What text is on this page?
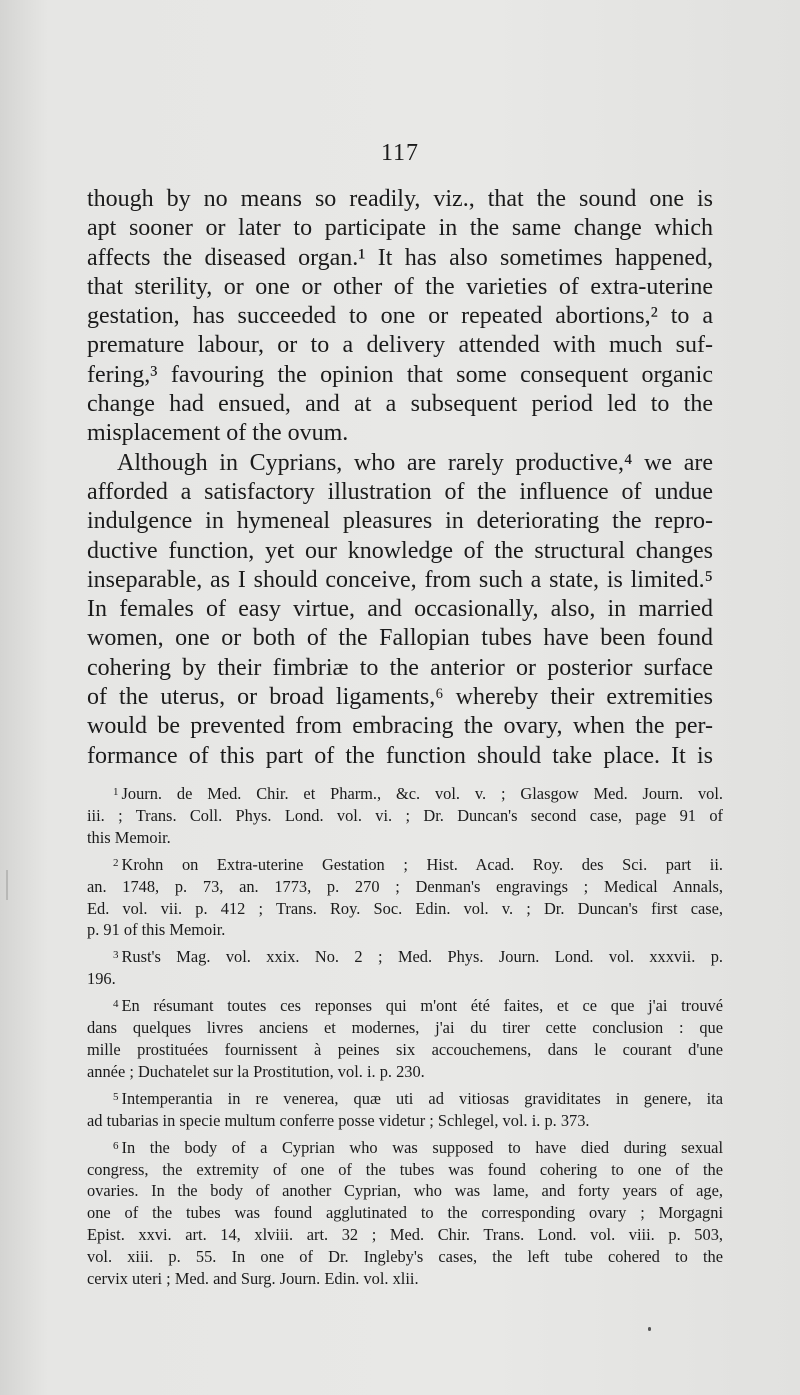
117
though by no means so readily, viz., that the sound one is
apt sooner or later to participate in the same change which
affects the diseased organ.¹ It has also sometimes happened,
that sterility, or one or other of the varieties of extra-uterine
gestation, has succeeded to one or repeated abortions,² to a
premature labour, or to a delivery attended with much suf-
fering,³ favouring the opinion that some consequent organic
change had ensued, and at a subsequent period led to the
misplacement of the ovum.
Although in Cyprians, who are rarely productive,⁴ we are
afforded a satisfactory illustration of the influence of undue
indulgence in hymeneal pleasures in deteriorating the repro-
ductive function, yet our knowledge of the structural changes
inseparable, as I should conceive, from such a state, is limited.⁵
In females of easy virtue, and occasionally, also, in married
women, one or both of the Fallopian tubes have been found
cohering by their fimbriæ to the anterior or posterior surface
of the uterus, or broad ligaments,⁶ whereby their extremities
would be prevented from embracing the ovary, when the per-
formance of this part of the function should take place. It is
$^1$ Journ. de Med. Chir. et Pharm., &c. vol. v. ; Glasgow Med. Journ. vol.
iii. ; Trans. Coll. Phys. Lond. vol. vi. ; Dr. Duncan's second case, page 91 of
this Memoir.
$^2$ Krohn on Extra-uterine Gestation ; Hist. Acad. Roy. des Sci. part ii.
an. 1748, p. 73, an. 1773, p. 270 ; Denman's engravings ; Medical Annals,
Ed. vol. vii. p. 412 ; Trans. Roy. Soc. Edin. vol. v. ; Dr. Duncan's first case,
p. 91 of this Memoir.
$^3$ Rust's Mag. vol. xxix. No. 2 ; Med. Phys. Journ. Lond. vol. xxxvii. p.
196.
$^4$ En résumant toutes ces reponses qui m'ont été faites, et ce que j'ai trouvé
dans quelques livres anciens et modernes, j'ai du tirer cette conclusion : que
mille prostituées fournissent à peines six accouchemens, dans le courant d'une
année ; Duchatelet sur la Prostitution, vol. i. p. 230.
$^5$ Intemperantia in re venerea, quæ uti ad vitiosas graviditates in genere, ita
ad tubarias in specie multum conferre posse videtur ; Schlegel, vol. i. p. 373.
$^6$ In the body of a Cyprian who was supposed to have died during sexual
congress, the extremity of one of the tubes was found cohering to one of the
ovaries. In the body of another Cyprian, who was lame, and forty years of age,
one of the tubes was found agglutinated to the corresponding ovary ; Morgagni
Epist. xxvi. art. 14, xlviii. art. 32 ; Med. Chir. Trans. Lond. vol. viii. p. 503,
vol. xiii. p. 55. In one of Dr. Ingleby's cases, the left tube cohered to the
cervix uteri ; Med. and Surg. Journ. Edin. vol. xlii.
